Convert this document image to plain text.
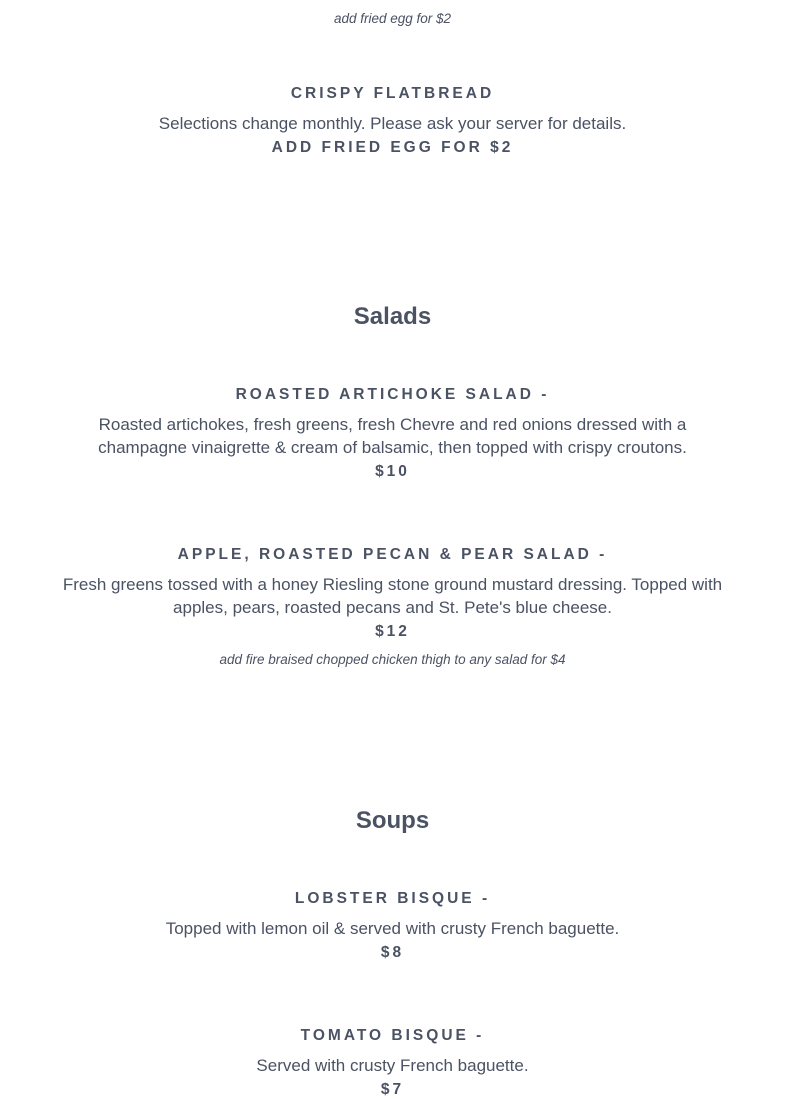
add fried egg for $2
CRISPY FLATBREAD
Selections change monthly. Please ask your server for details.
ADD FRIED EGG FOR $2
Salads
ROASTED ARTICHOKE SALAD -
Roasted artichokes, fresh greens, fresh Chevre and red onions dressed with a
champagne vinaigrette & cream of balsamic, then topped with crispy croutons.
$10
APPLE, ROASTED PECAN & PEAR SALAD -
Fresh greens tossed with a honey Riesling stone ground mustard dressing. Topped with
apples, pears, roasted pecans and St. Pete's blue cheese.
$12
add fire braised chopped chicken thigh to any salad for $4
Soups
LOBSTER BISQUE -
Topped with lemon oil & served with crusty French baguette.
$8
TOMATO BISQUE -
Served with crusty French baguette.
$7
